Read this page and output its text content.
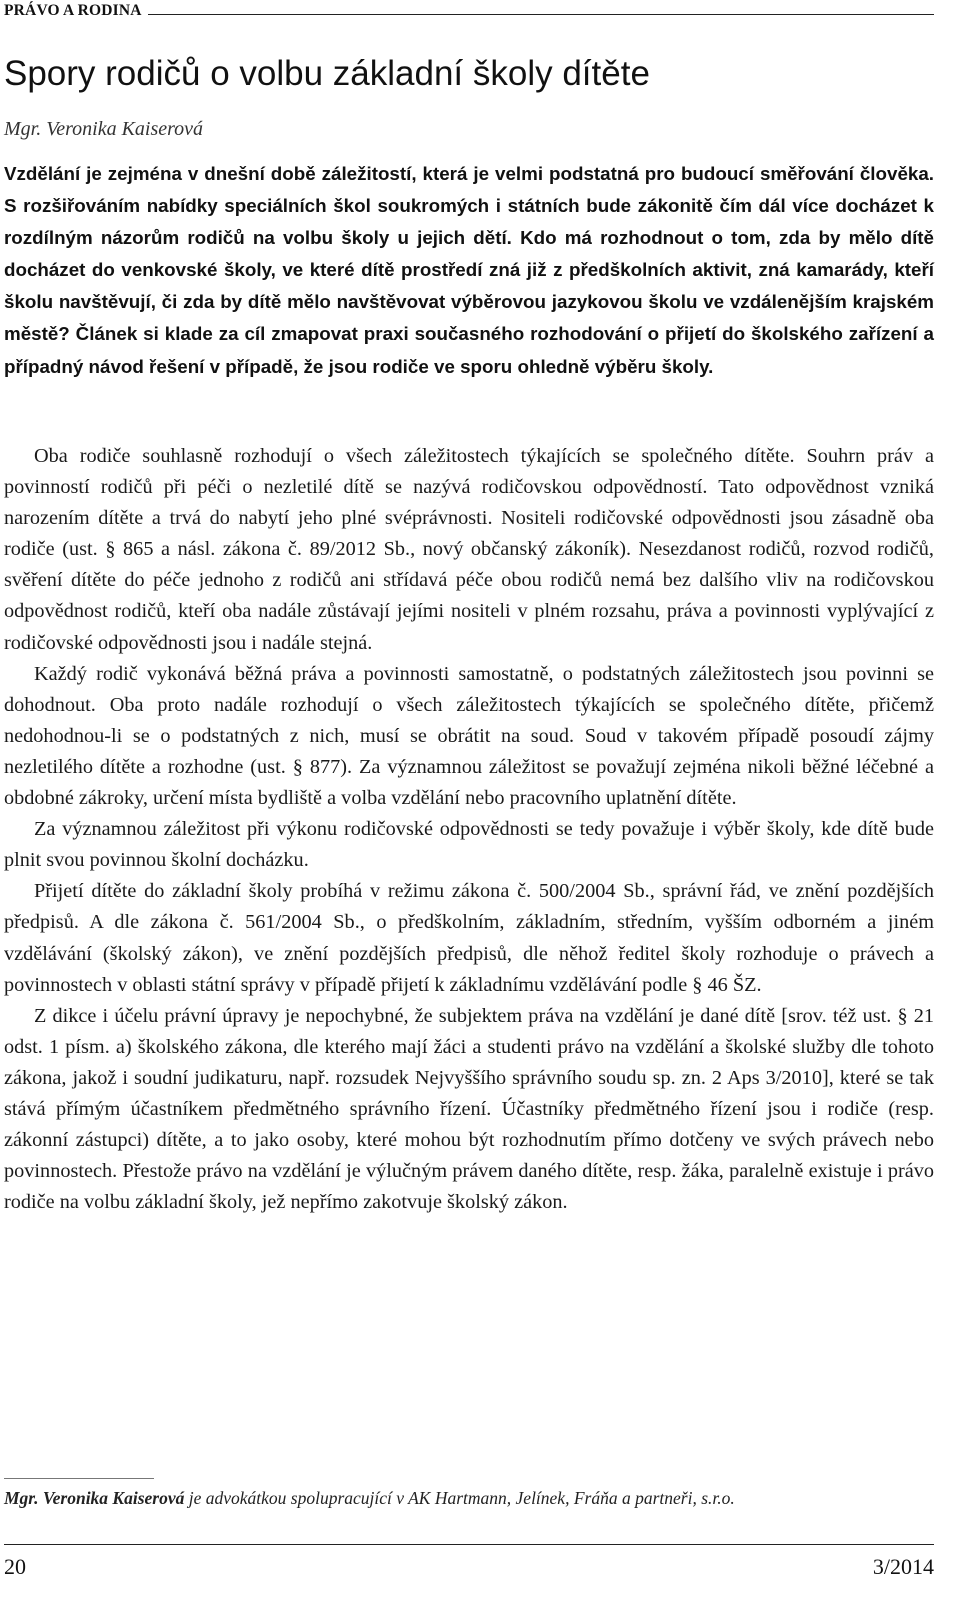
PRÁVO A RODINA
Spory rodičů o volbu základní školy dítěte
Mgr. Veronika Kaiserová

Vzdělání je zejména v dnešní době záležitostí, která je velmi podstatná pro budoucí směřování člověka. S rozšiřováním nabídky speciálních škol soukromých i státních bude zákonitě čím dál více docházet k rozdílným názorům rodičů na volbu školy u jejich dětí. Kdo má rozhodnout o tom, zda by mělo dítě docházet do venkovské školy, ve které dítě prostředí zná již z předškolních aktivit, zná kamarády, kteří školu navštěvují, či zda by dítě mělo navštěvovat výběrovou jazykovou školu ve vzdálenějším krajském městě? Článek si klade za cíl zmapovat praxi současného rozhodování o přijetí do školského zařízení a případný návod řešení v případě, že jsou rodiče ve sporu ohledně výběru školy.

Oba rodiče souhlasně rozhodují o všech záležitostech týkajících se společného dítěte. Souhrn práv a povinností rodičů při péči o nezletilé dítě se nazývá rodičovskou odpovědností. Tato odpovědnost vzniká narozením dítěte a trvá do nabytí jeho plné svéprávnosti. Nositeli rodičovské odpovědnosti jsou zásadně oba rodiče (ust. § 865 a násl. zákona č. 89/2012 Sb., nový občanský zákoník). Nesezdanost rodičů, rozvod rodičů, svěření dítěte do péče jednoho z rodičů ani střídavá péče obou rodičů nemá bez dalšího vliv na rodičovskou odpovědnost rodičů, kteří oba nadále zůstávají jejími nositeli v plném rozsahu, práva a povinnosti vyplývající z rodičovské odpovědnosti jsou i nadále stejná.

Každý rodič vykonává běžná práva a povinnosti samostatně, o podstatných záležitostech jsou povinni se dohodnout. Oba proto nadále rozhodují o všech záležitostech týkajících se společného dítěte, přičemž nedohodnou-li se o podstatných z nich, musí se obrátit na soud. Soud v takovém případě posoudí zájmy nezletilého dítěte a rozhodne (ust. § 877). Za významnou záležitost se považují zejména nikoli běžné léčebné a obdobné zákroky, určení místa bydliště a volba vzdělání nebo pracovního uplatnění dítěte.

Za významnou záležitost při výkonu rodičovské odpovědnosti se tedy považuje i výběr školy, kde dítě bude plnit svou povinnou školní docházku.

Přijetí dítěte do základní školy probíhá v režimu zákona č. 500/2004 Sb., správní řád, ve znění pozdějších předpisů. A dle zákona č. 561/2004 Sb., o předškolním, základním, středním, vyšším odborném a jiném vzdělávání (školský zákon), ve znění pozdějších předpisů, dle něhož ředitel školy rozhoduje o právech a povinnostech v oblasti státní správy v případě přijetí k základnímu vzdělávání podle § 46 ŠZ.

Z dikce i účelu právní úpravy je nepochybné, že subjektem práva na vzdělání je dané dítě [srov. též ust. § 21 odst. 1 písm. a) školského zákona, dle kterého mají žáci a studenti právo na vzdělání a školské služby dle tohoto zákona, jakož i soudní judikaturu, např. rozsudek Nejvyššího správního soudu sp. zn. 2 Aps 3/2010], které se tak stává přímým účastníkem předmětného správního řízení. Účastníky předmětného řízení jsou i rodiče (resp. zákonní zástupci) dítěte, a to jako osoby, které mohou být rozhodnutím přímo dotčeny ve svých právech nebo povinnostech. Přestože právo na vzdělání je výlučným právem daného dítěte, resp. žáka, paralelně existuje i právo rodiče na volbu základní školy, jež nepřímo zakotvuje školský zákon.

Mgr. Veronika Kaiserová je advokátkou spolupracující v AK Hartmann, Jelínek, Fráňa a partneři, s.r.o.
20	3/2014
